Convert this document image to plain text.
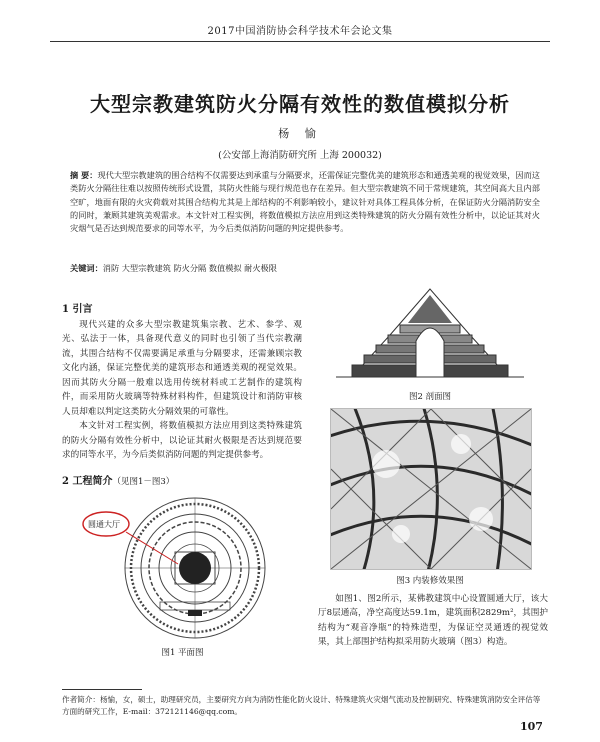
2017中国消防协会科学技术年会论文集
大型宗教建筑防火分隔有效性的数值模拟分析
杨 愉
(公安部上海消防研究所 上海 200032)
摘 要：现代大型宗教建筑的围合结构不仅需要达到承重与分隔要求，还需保证完整优美的建筑形态和通透美观的视觉效果，因而这类防火分隔往往难以按照传统形式设置，其防火性能与现行规范也存在差异。但大型宗教建筑不同于常规建筑，其空间高大且内部空旷，地面有限的火灾荷载对其围合结构尤其是上部结构的不利影响较小，建议针对具体工程具体分析，在保证防火分隔消防安全的同时，兼顾其建筑美观需求。本文针对工程实例，将数值模拟方法应用到这类特殊建筑的防火分隔有效性分析中，以论证其对火灾烟气是否达到规范要求的同等水平，为今后类似消防问题的判定提供参考。
关键词：消防 大型宗教建筑 防火分隔 数值模拟 耐火极限
1 引言

现代兴建的众多大型宗教建筑集宗教、艺术、参学、观光、弘法于一体，具备现代意义的同时也引领了当代宗教潮流，其围合结构不仅需要满足承重与分隔要求，还需兼顾宗教文化内涵，保证完整优美的建筑形态和通透美观的视觉效果。因而其防火分隔一般难以选用传统材料或工艺制作的建筑构件，而采用防火玻璃等特殊材料构件，但建筑设计和消防审核人员却难以判定这类防火分隔效果的可靠性。

本文针对工程实例，将数值模拟方法应用到这类特殊建筑的防火分隔有效性分析中，以论证其耐火极限是否达到规范要求的同等水平，为今后类似消防问题的判定提供参考。

2 工程简介（见图1－图3）
圆通大厅
图1 平面图
图2 剖面图
图3 内装修效果图

如图1、图2所示，某佛教建筑中心设置圆通大厅，该大厅8层通高，净空高度达59.1m，建筑面积2829m²，其围护结构为“观音净瓶”的特殊造型，为保证空灵通透的视觉效果，其上部围护结构拟采用防火玻璃（图3）构造。

作者简介：杨愉，女，硕士，助理研究员，主要研究方向为消防性能化防火设计、特殊建筑火灾烟气流动及控制研究、特殊建筑消防安全评估等方面的研究工作，E-mail：372121146@qq.com。
107
